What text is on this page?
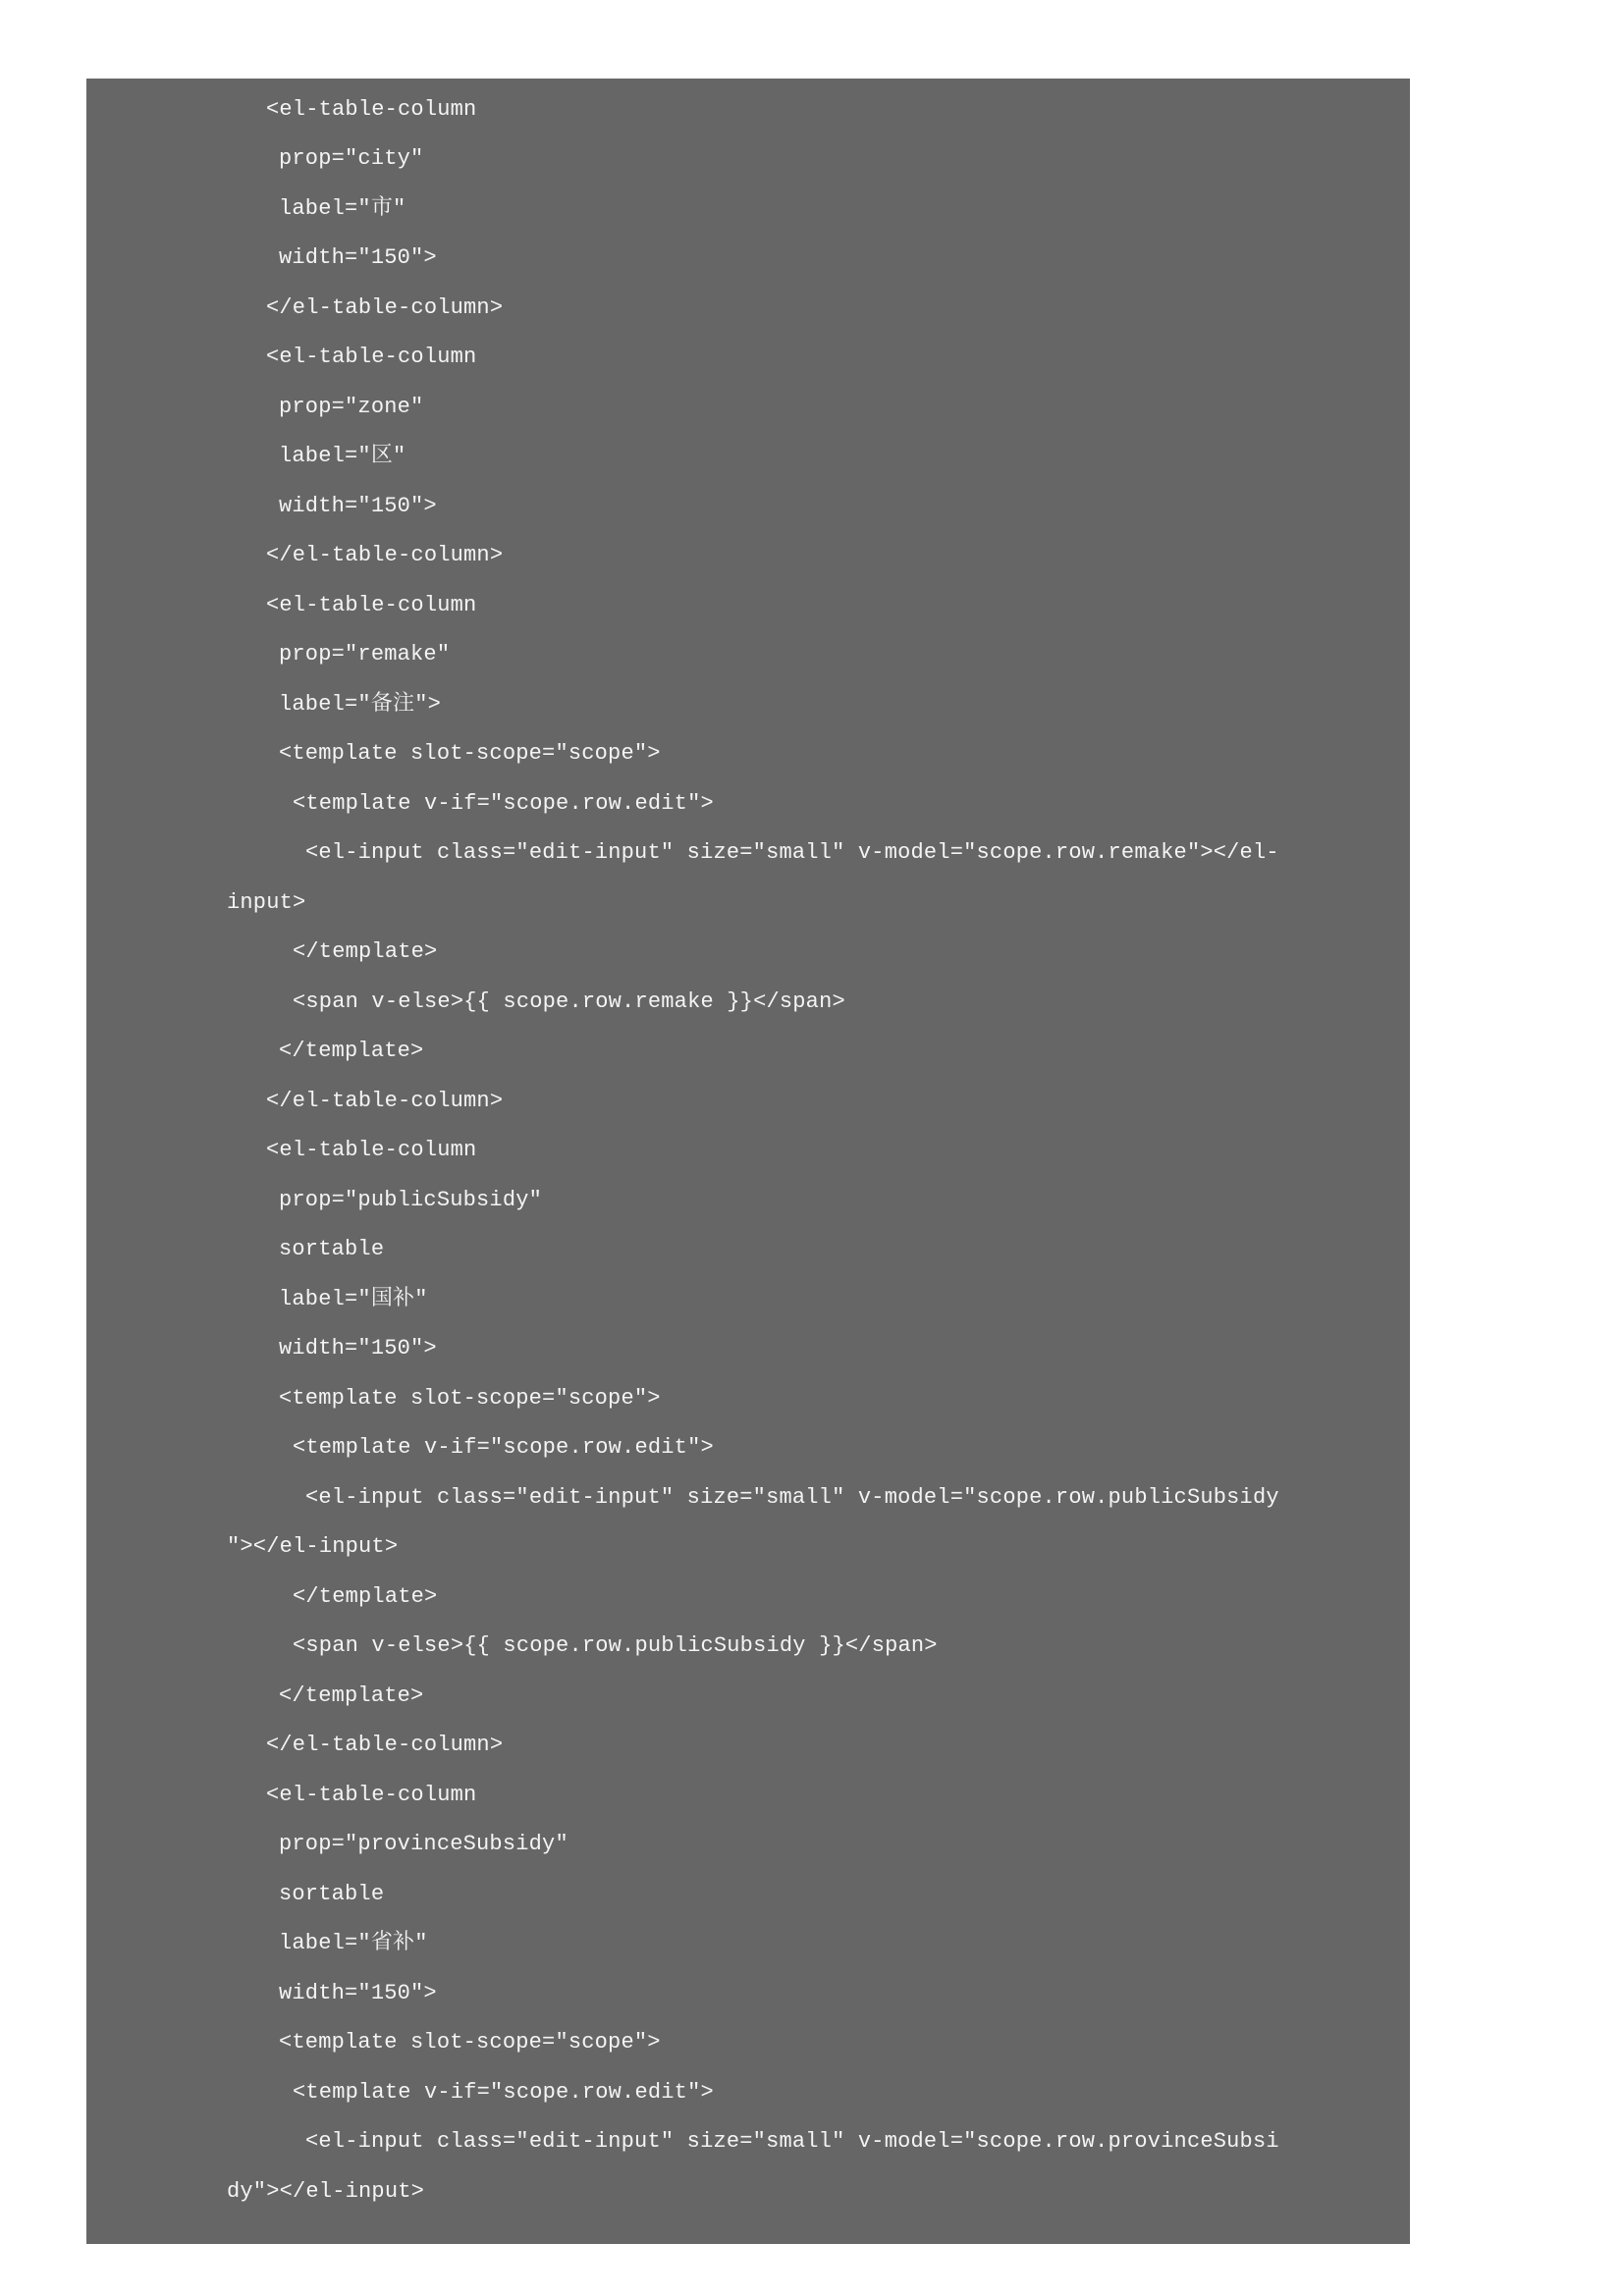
<el-table-column
prop="city"
label="市"
width="150">
</el-table-column>
<el-table-column
prop="zone"
label="区"
width="150">
</el-table-column>
<el-table-column
prop="remake"
label="备注">
<template slot-scope="scope">
<template v-if="scope.row.edit">
<el-input class="edit-input" size="small" v-model="scope.row.remake"></el-
input>
</template>
<span v-else>{{ scope.row.remake }}</span>
</template>
</el-table-column>
<el-table-column
prop="publicSubsidy"
sortable
label="国补"
width="150">
<template slot-scope="scope">
<template v-if="scope.row.edit">
<el-input class="edit-input" size="small" v-model="scope.row.publicSubsidy
"></el-input>
</template>
<span v-else>{{ scope.row.publicSubsidy }}</span>
</template>
</el-table-column>
<el-table-column
prop="provinceSubsidy"
sortable
label="省补"
width="150">
<template slot-scope="scope">
<template v-if="scope.row.edit">
<el-input class="edit-input" size="small" v-model="scope.row.provinceSubsi
dy"></el-input>
